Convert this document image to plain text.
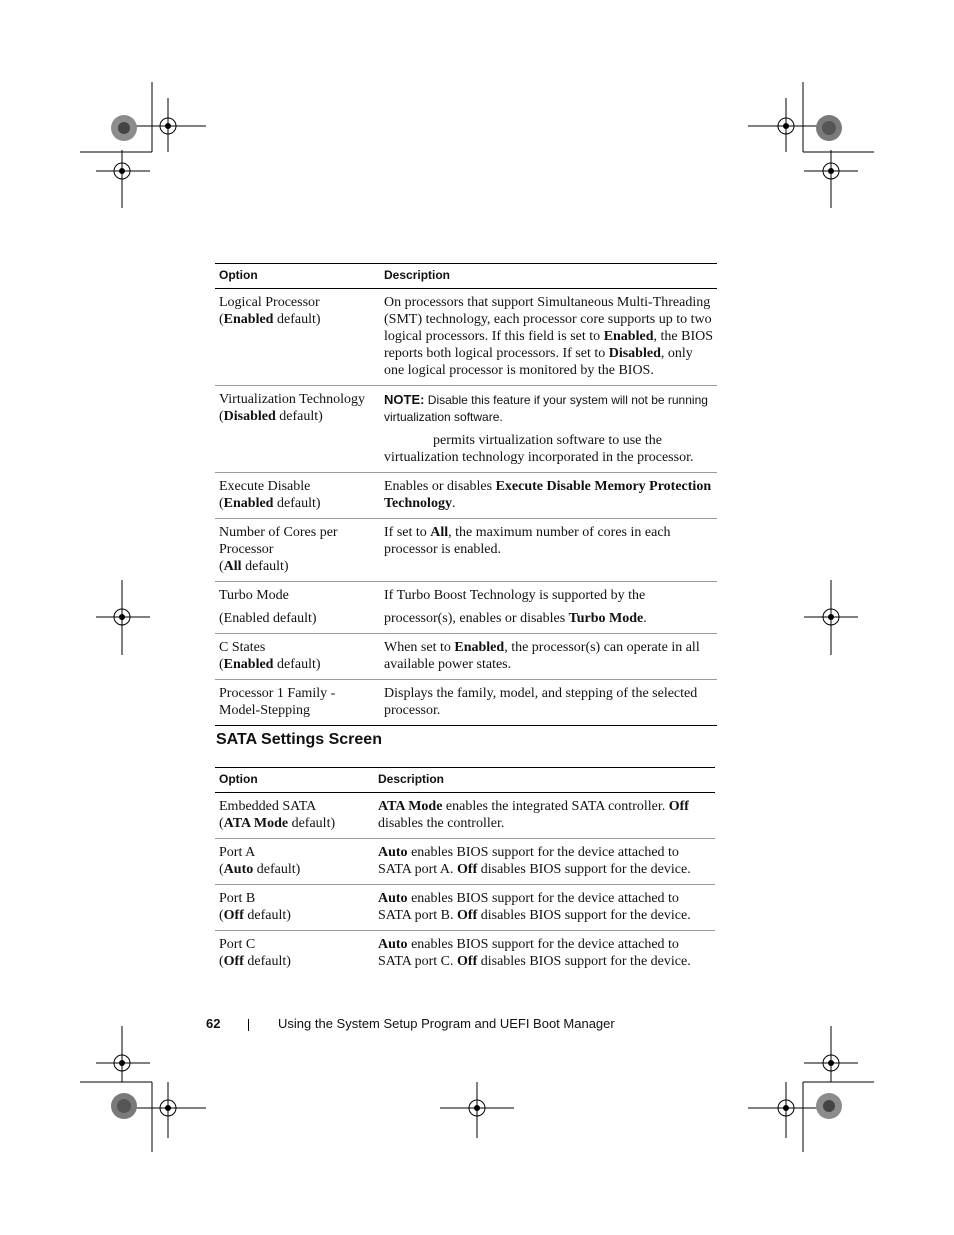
Option	Description
Logical Processor
(Enabled default)	On processors that support Simultaneous Multi-Threading (SMT) technology, each processor core supports up to two logical processors. If this field is set to Enabled, the BIOS reports both logical processors. If set to Disabled, only one logical processor is monitored by the BIOS.
Virtualization Technology
(Disabled default)	NOTE: Disable this feature if your system will not be running virtualization software.
permits virtualization software to use the virtualization technology incorporated in the processor.
Execute Disable
(Enabled default)	Enables or disables Execute Disable Memory Protection Technology.
Number of Cores per
Processor
(All default)	If set to All, the maximum number of cores in each processor is enabled.
Turbo Mode

(Enabled default)	If Turbo Boost Technology is supported by the

processor(s), enables or disables Turbo Mode.
C States
(Enabled default)	When set to Enabled, the processor(s) can operate in all available power states.
Processor 1 Family -Model-Stepping	Displays the family, model, and stepping of the selected processor.
SATA Settings Screen
Option	Description
Embedded SATA
(ATA Mode default)	ATA Mode enables the integrated SATA controller. Off disables the controller.
Port A
(Auto default)	Auto enables BIOS support for the device attached to SATA port A. Off disables BIOS support for the device.
Port B
(Off default)	Auto enables BIOS support for the device attached to SATA port B. Off disables BIOS support for the device.
Port C
(Off default)	Auto enables BIOS support for the device attached to SATA port C. Off disables BIOS support for the device.
62	Using the System Setup Program and UEFI Boot Manager
